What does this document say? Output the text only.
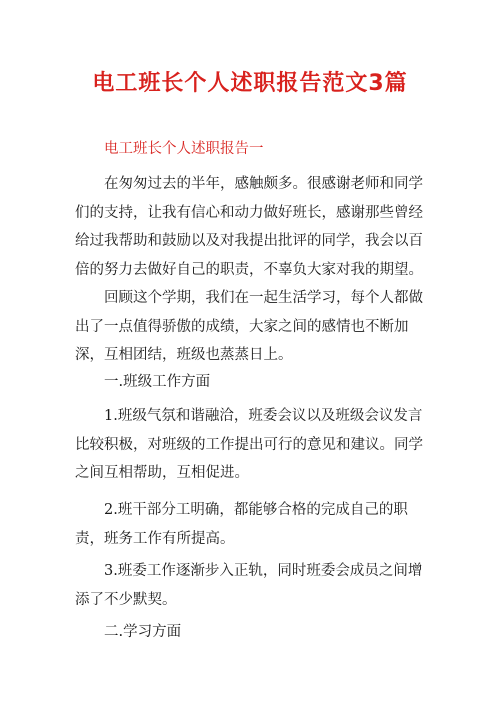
电工班长个人述职报告范文3篇
电工班长个人述职报告一

在匆匆过去的半年，感触颇多。很感谢老师和同学们的支持，让我有信心和动力做好班长，感谢那些曾经给过我帮助和鼓励以及对我提出批评的同学，我会以百倍的努力去做好自己的职责，不辜负大家对我的期望。

回顾这个学期，我们在一起生活学习，每个人都做出了一点值得骄傲的成绩，大家之间的感情也不断加深，互相团结，班级也蒸蒸日上。

一.班级工作方面

1.班级气氛和谐融洽，班委会议以及班级会议发言比较积极，对班级的工作提出可行的意见和建议。同学之间互相帮助，互相促进。

2.班干部分工明确，都能够合格的完成自己的职责，班务工作有所提高。

3.班委工作逐渐步入正轨，同时班委会成员之间增添了不少默契。

二.学习方面
